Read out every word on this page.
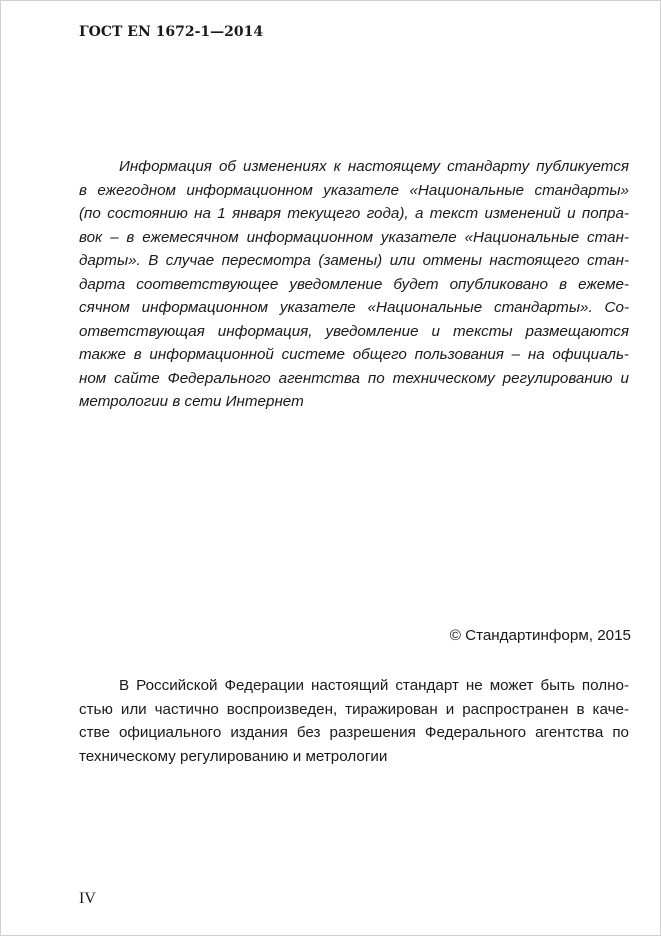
ГОСТ EN 1672-1—2014
Информация об изменениях к настоящему стандарту публикуется
в ежегодном информационном указателе «Национальные стандарты»
(по состоянию на 1 января текущего года), а текст изменений и попра-
вок – в ежемесячном информационном указателе «Национальные стан-
дарты». В случае пересмотра (замены) или отмены настоящего стан-
дарта соответствующее уведомление будет опубликовано в ежеме-
сячном информационном указателе «Национальные стандарты». Со-
ответствующая информация, уведомление и тексты размещаются
также в информационной системе общего пользования – на официаль-
ном сайте Федерального агентства по техническому регулированию и
метрологии в сети Интернет
© Стандартинформ, 2015
В Российской Федерации настоящий стандарт не может быть полно-
стью или частично воспроизведен, тиражирован и распространен в каче-
стве официального издания без разрешения Федерального агентства по
техническому регулированию и метрологии
IV
